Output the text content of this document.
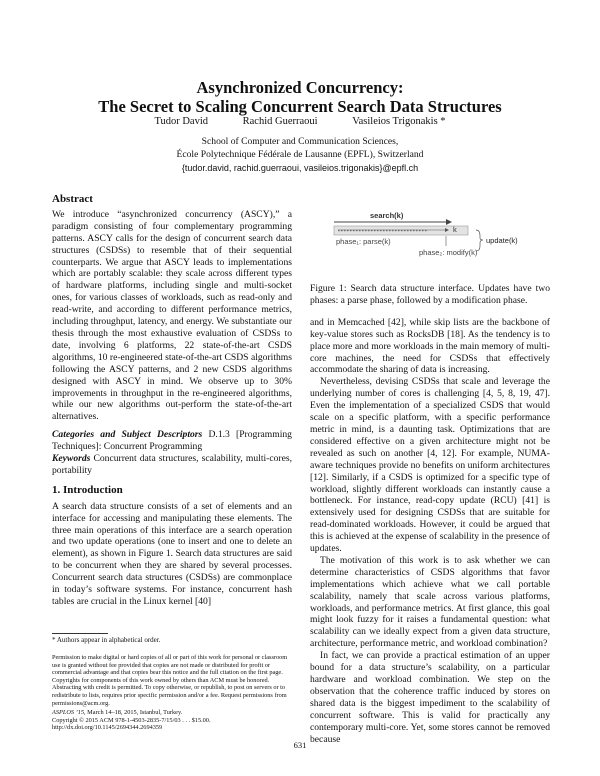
Asynchronized Concurrency:
The Secret to Scaling Concurrent Search Data Structures
Tudor David	Rachid Guerraoui	Vasileios Trigonakis *
School of Computer and Communication Sciences,
École Polytechnique Fédérale de Lausanne (EPFL), Switzerland
{tudor.david, rachid.guerraoui, vasileios.trigonakis}@epfl.ch

Abstract

We introduce “asynchronized concurrency (ASCY),” a paradigm consisting of four complementary programming patterns. ASCY calls for the design of concurrent search data structures (CSDSs) to resemble that of their sequential counterparts. We argue that ASCY leads to implementations which are portably scalable: they scale across different types of hardware platforms, including single and multi-socket ones, for various classes of workloads, such as read-only and read-write, and according to different performance metrics, including throughput, latency, and energy. We substantiate our thesis through the most exhaustive evaluation of CSDSs to date, involving 6 platforms, 22 state-of-the-art CSDS algorithms, 10 re-engineered state-of-the-art CSDS algorithms following the ASCY patterns, and 2 new CSDS algorithms designed with ASCY in mind. We observe up to 30% improvements in throughput in the re-engineered algorithms, while our new algorithms out-perform the state-of-the-art alternatives.

Categories and Subject Descriptors D.1.3 [Programming Techniques]: Concurrent Programming

Keywords Concurrent data structures, scalability, multi-cores, portability

1. Introduction

A search data structure consists of a set of elements and an interface for accessing and manipulating these elements. The three main operations of this interface are a search operation and two update operations (one to insert and one to delete an element), as shown in Figure 1. Search data structures are said to be concurrent when they are shared by several processes. Concurrent search data structures (CSDSs) are commonplace in today’s software systems. For instance, concurrent hash tables are crucial in the Linux kernel [40]

* Authors appear in alphabetical order.

Permission to make digital or hard copies of all or part of this work for personal or classroom use is granted without fee provided that copies are not made or distributed for profit or commercial advantage and that copies bear this notice and the full citation on the first page. Copyrights for components of this work owned by others than ACM must be honored. Abstracting with credit is permitted. To copy otherwise, or republish, to post on servers or to redistribute to lists, requires prior specific permission and/or a fee. Request permissions from permissions@acm.org.

ASPLOS ’15, March 14–18, 2015, Istanbul, Turkey.

Copyright © 2015 ACM 978-1-4503-2835-7/15/03 . . . $15.00.

http://dx.doi.org/10.1145/2694344.2694359

search(k)
k
phase₁: parse(k)
phase₂: modify(k)
update(k)

Figure 1: Search data structure interface. Updates have two phases: a parse phase, followed by a modification phase.

and in Memcached [42], while skip lists are the backbone of key-value stores such as RocksDB [18]. As the tendency is to place more and more workloads in the main memory of multi-core machines, the need for CSDSs that effectively accommodate the sharing of data is increasing.

Nevertheless, devising CSDSs that scale and leverage the underlying number of cores is challenging [4, 5, 8, 19, 47]. Even the implementation of a specialized CSDS that would scale on a specific platform, with a specific performance metric in mind, is a daunting task. Optimizations that are considered effective on a given architecture might not be revealed as such on another [4, 12]. For example, NUMA-aware techniques provide no benefits on uniform architectures [12]. Similarly, if a CSDS is optimized for a specific type of workload, slightly different workloads can instantly cause a bottleneck. For instance, read-copy update (RCU) [41] is extensively used for designing CSDSs that are suitable for read-dominated workloads. However, it could be argued that this is achieved at the expense of scalability in the presence of updates.

The motivation of this work is to ask whether we can determine characteristics of CSDS algorithms that favor implementations which achieve what we call portable scalability, namely that scale across various platforms, workloads, and performance metrics. At first glance, this goal might look fuzzy for it raises a fundamental question: what scalability can we ideally expect from a given data structure, architecture, performance metric, and workload combination?

In fact, we can provide a practical estimation of an upper bound for a data structure’s scalability, on a particular hardware and workload combination. We step on the observation that the coherence traffic induced by stores on shared data is the biggest impediment to the scalability of concurrent software. This is valid for practically any contemporary multi-core. Yet, some stores cannot be removed because

631
